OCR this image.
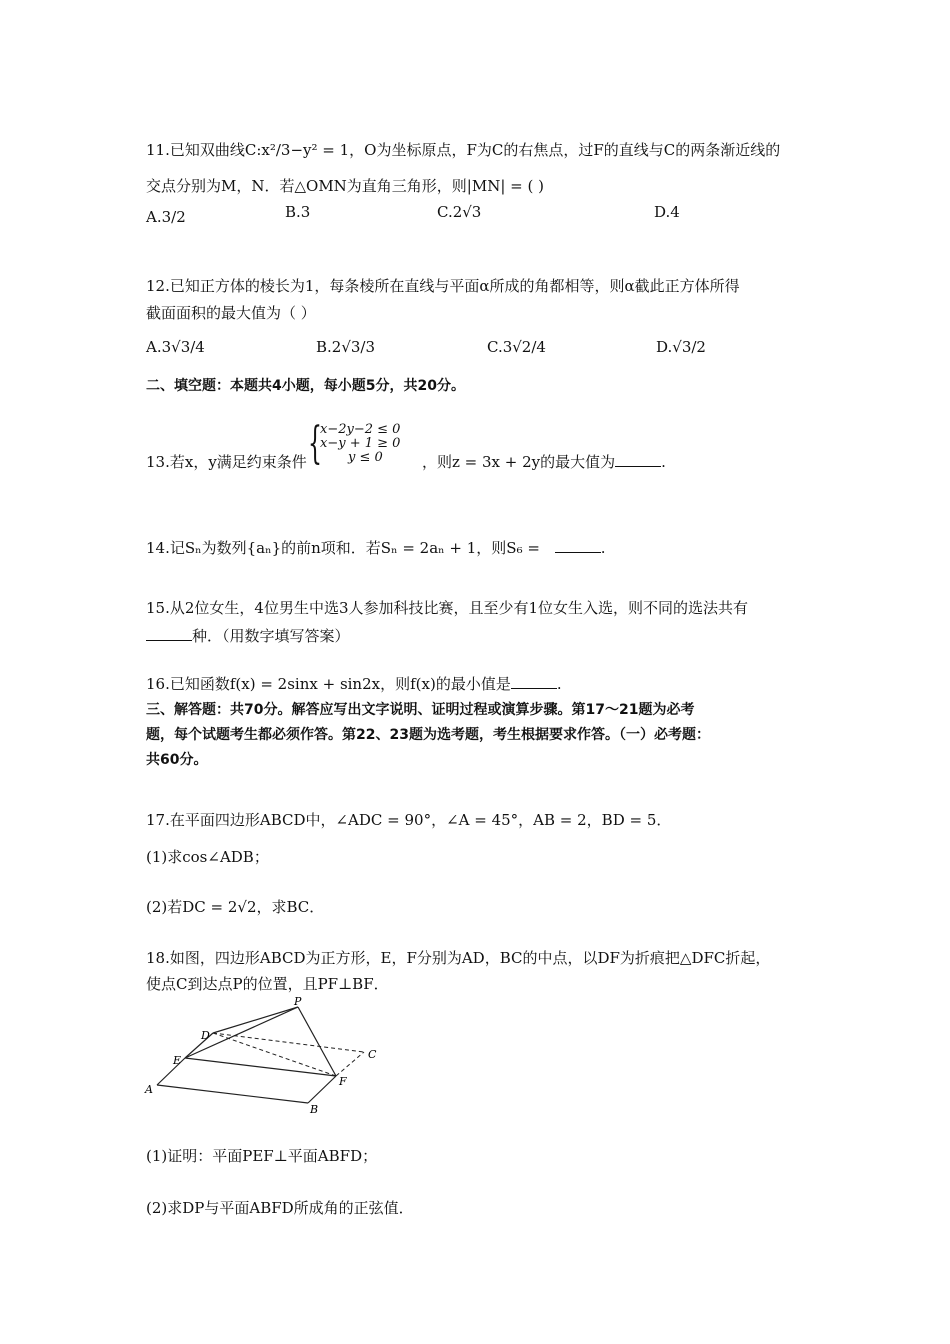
11.已知双曲线C:x²/3−y² = 1，O为坐标原点，F为C的右焦点，过F的直线与C的两条渐近线的
交点分别为M，N．若△OMN为直角三角形，则|MN| = ( )
A.3/2	B.3	C.2√3	D.4
12.已知正方体的棱长为1，每条棱所在直线与平面α所成的角都相等，则α截此正方体所得
截面面积的最大值为（ ）
A.3√3/4	B.2√3/3	C.3√2/4	D.√3/2
二、填空题：本题共4小题，每小题5分，共20分。
13.若x，y满足约束条件 {
x−2y−2 ≤ 0
x−y + 1 ≥ 0
y ≤ 0	，则z = 3x + 2y的最大值为	.
14.记Sₙ为数列{aₙ}的前n项和．若Sₙ = 2aₙ + 1，则S₆ =	.
15.从2位女生，4位男生中选3人参加科技比赛，且至少有1位女生入选，则不同的选法共有
种．（用数字填写答案）
16.已知函数f(x) = 2sinx + sin2x，则f(x)的最小值是	.
三、解答题：共70分。解答应写出文字说明、证明过程或演算步骤。第17～21题为必考
题，每个试题考生都必须作答。第22、23题为选考题，考生根据要求作答。（一）必考题：
共60分。
17.在平面四边形ABCD中，∠ADC = 90°，∠A = 45°，AB = 2，BD = 5．
(1)求cos∠ADB；
(2)若DC = 2√2，求BC．
18.如图，四边形ABCD为正方形，E，F分别为AD，BC的中点，以DF为折痕把△DFC折起，
使点C到达点P的位置，且PF⊥BF．
P
D
C
E
F
A
B
(1)证明：平面PEF⊥平面ABFD；
(2)求DP与平面ABFD所成角的正弦值．
